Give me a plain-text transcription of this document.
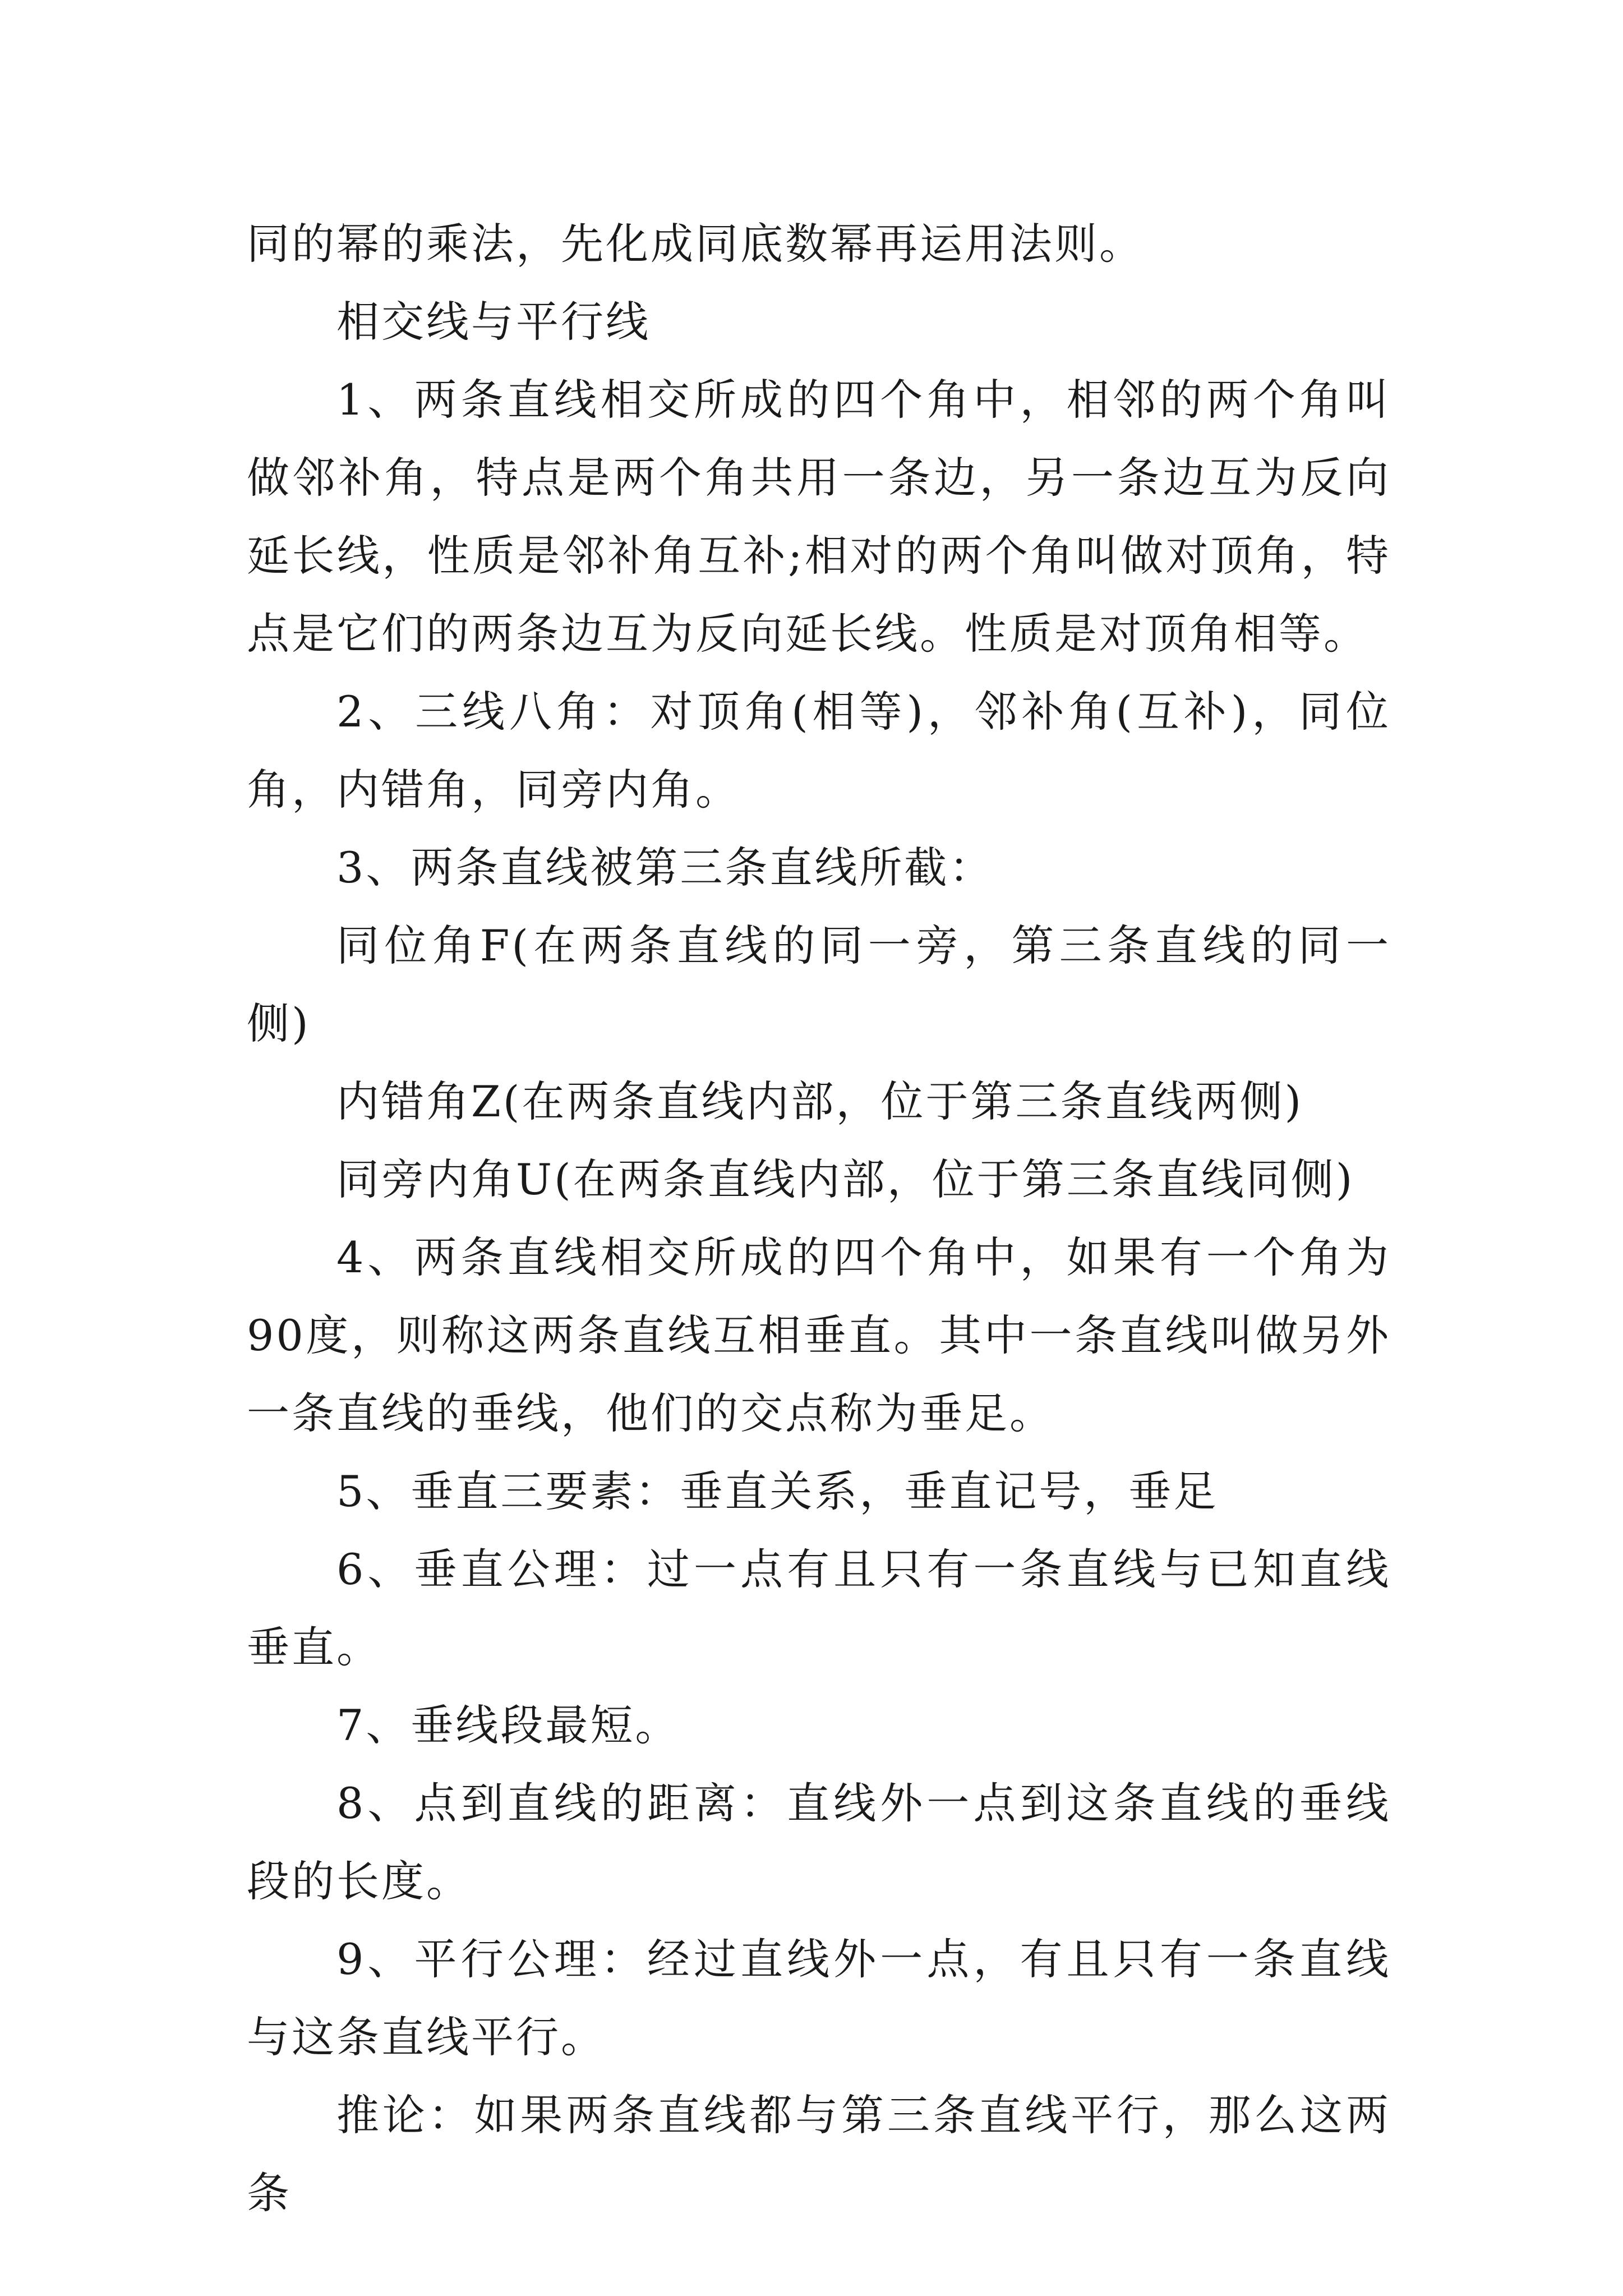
同的幂的乘法，先化成同底数幂再运用法则。

相交线与平行线

1、两条直线相交所成的四个角中，相邻的两个角叫做邻补角，特点是两个角共用一条边，另一条边互为反向延长线，性质是邻补角互补;相对的两个角叫做对顶角，特点是它们的两条边互为反向延长线。性质是对顶角相等。

2、三线八角：对顶角(相等)，邻补角(互补)，同位角，内错角，同旁内角。

3、两条直线被第三条直线所截：

同位角F(在两条直线的同一旁，第三条直线的同一侧)

内错角Z(在两条直线内部，位于第三条直线两侧)

同旁内角U(在两条直线内部，位于第三条直线同侧)

4、两条直线相交所成的四个角中，如果有一个角为90度，则称这两条直线互相垂直。其中一条直线叫做另外一条直线的垂线，他们的交点称为垂足。

5、垂直三要素：垂直关系，垂直记号，垂足

6、垂直公理：过一点有且只有一条直线与已知直线垂直。

7、垂线段最短。

8、点到直线的距离：直线外一点到这条直线的垂线段的长度。

9、平行公理：经过直线外一点，有且只有一条直线与这条直线平行。

推论：如果两条直线都与第三条直线平行，那么这两条
